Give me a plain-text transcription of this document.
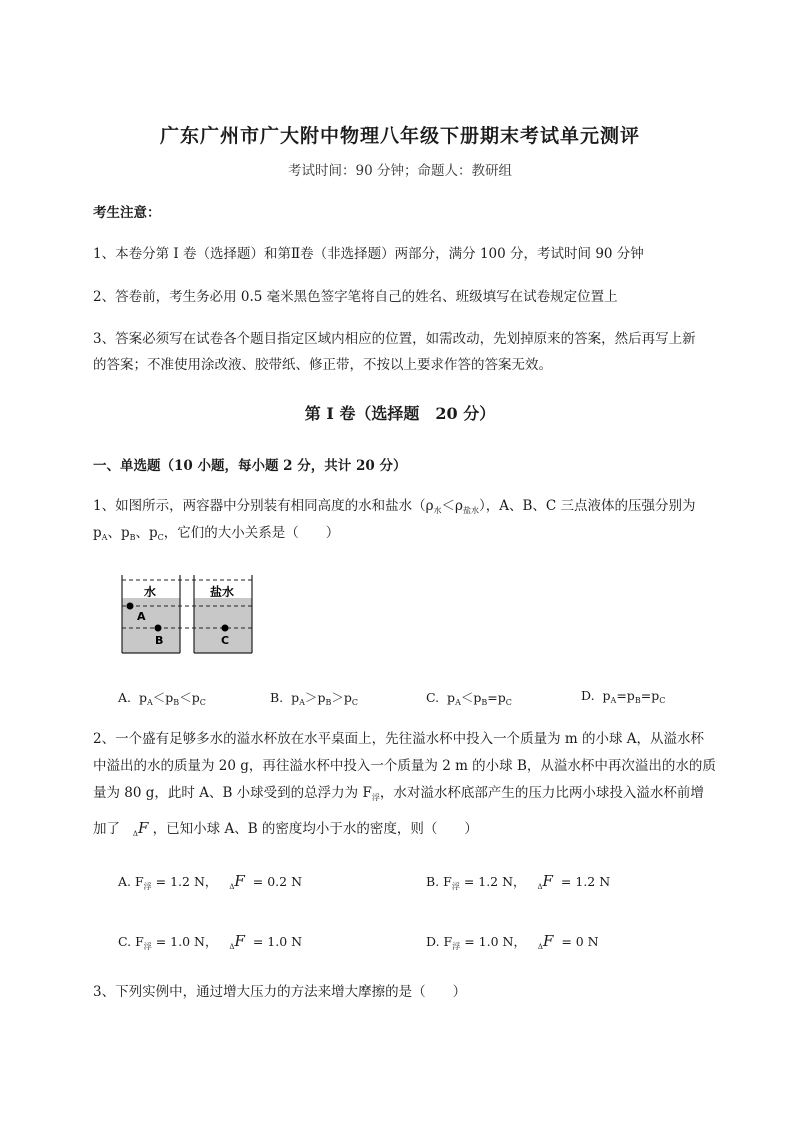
广东广州市广大附中物理八年级下册期末考试单元测评
考试时间：90 分钟；命题人：教研组
考生注意：
1、本卷分第 I 卷（选择题）和第Ⅱ卷（非选择题）两部分，满分 100 分，考试时间 90 分钟
2、答卷前，考生务必用 0.5 毫米黑色签字笔将自己的姓名、班级填写在试卷规定位置上
3、答案必须写在试卷各个题目指定区域内相应的位置，如需改动，先划掉原来的答案，然后再写上新
的答案；不准使用涂改液、胶带纸、修正带，不按以上要求作答的答案无效。
第 I 卷（选择题　20 分）
一、单选题（10 小题，每小题 2 分，共计 20 分）
1、如图所示，两容器中分别装有相同高度的水和盐水$(\rho_水<\rho_{盐水})$，A、B、C 三点液体的压强分别为
$p_A$、$p_B$、$p_C$，它们的大小关系是（　　）
水	盐水
A
B	C
A. $p_A<p_B<p_C$	B. $p_A>p_B>p_C$	C. $p_A<p_B=p_C$	D. $p_A=p_B=p_C$
2、一个盛有足够多水的溢水杯放在水平桌面上，先往溢水杯中投入一个质量为 m 的小球 A，从溢水杯
中溢出的水的质量为 20 g，再往溢水杯中投入一个质量为 2 m 的小球 B，从溢水杯中再次溢出的水的质
量为 80 g，此时 A、B 小球受到的总浮力为 $F_浮$，水对溢水杯底部产生的压力比两小球投入溢水杯前增
加了 $_\Delta$F ，已知小球 A、B 的密度均小于水的密度，则（　　）
A. $F_浮 = 1.2$ N， $_\Delta$F = 0.2 N	B. $F_浮 = 1.2$ N， $_\Delta$F = 1.2 N
C. $F_浮 = 1.0$ N， $_\Delta$F = 1.0 N	D. $F_浮 = 1.0$ N， $_\Delta$F = 0 N
3、下列实例中，通过增大压力的方法来增大摩擦的是（　　）
